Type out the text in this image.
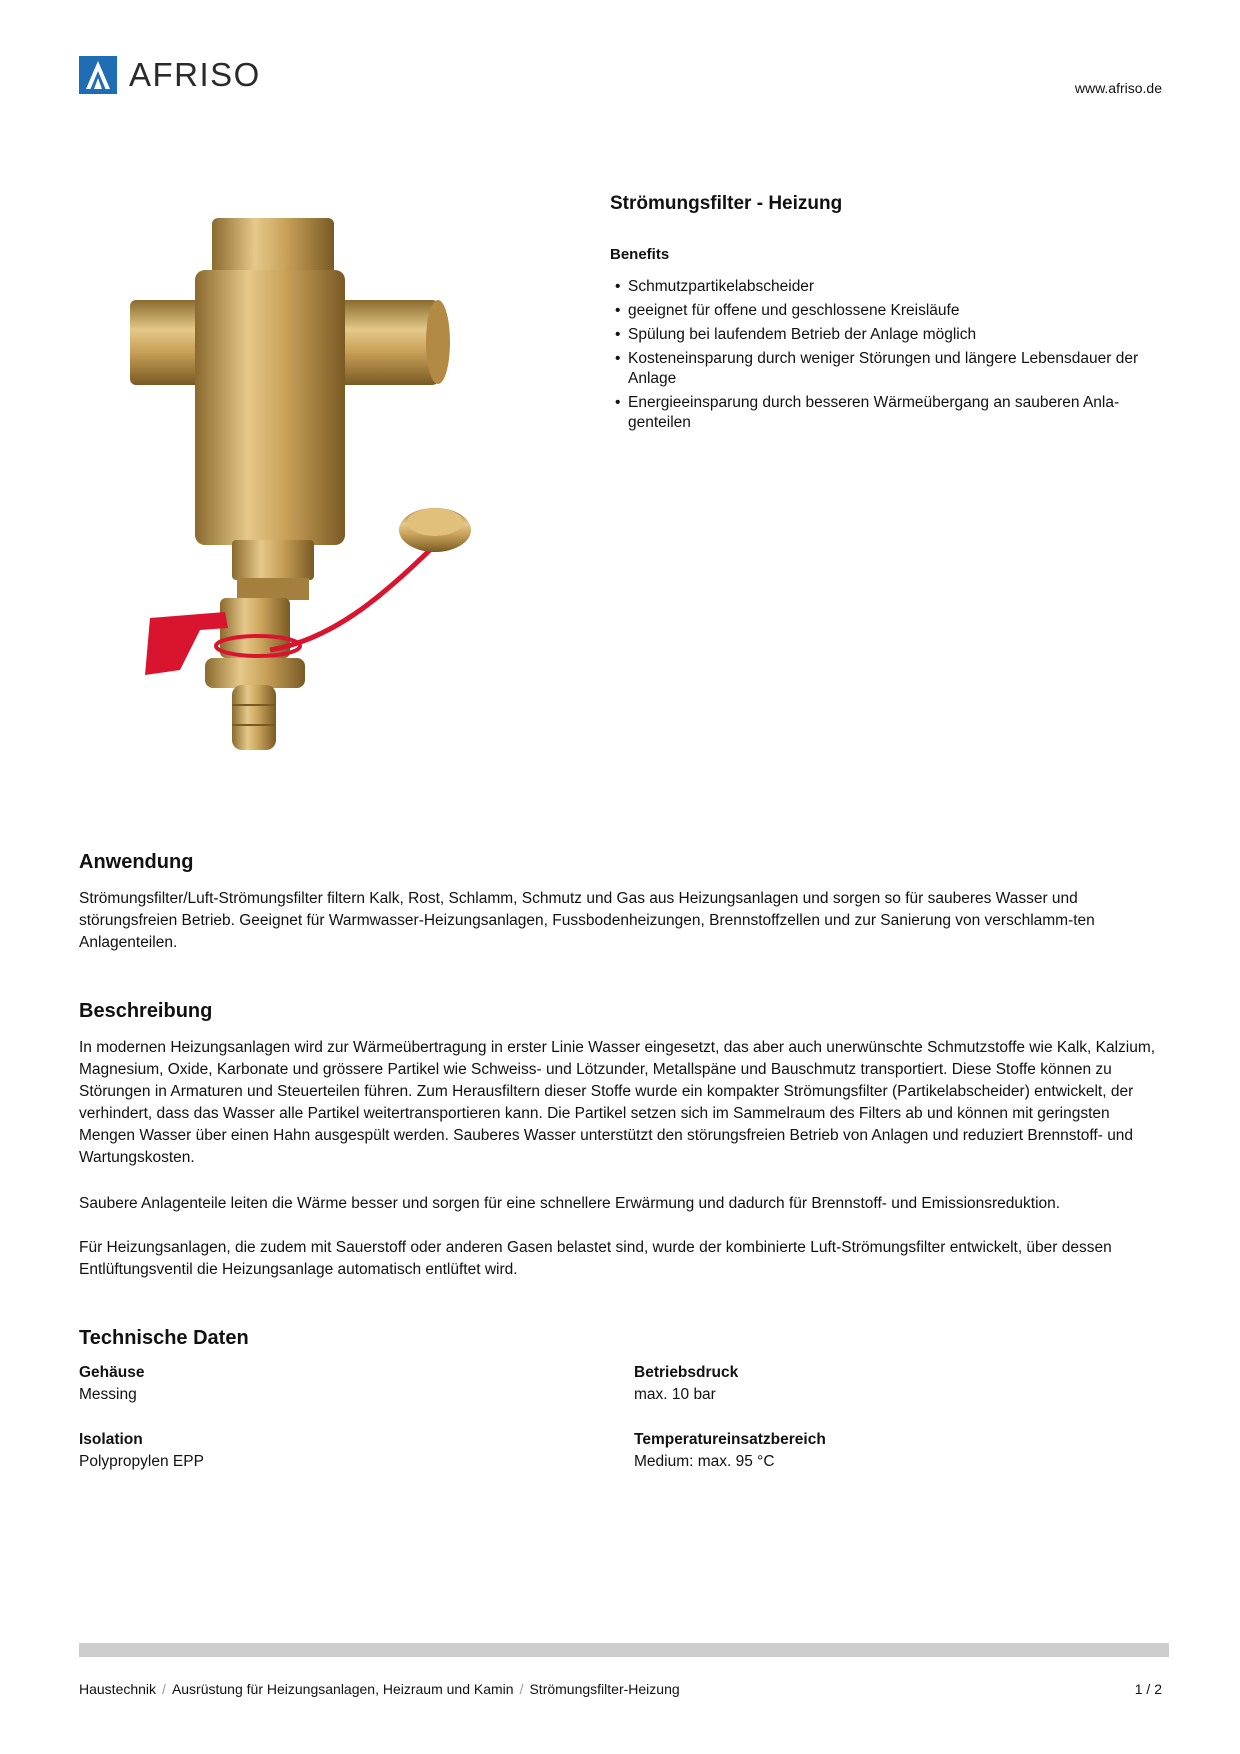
AFRISO	www.afriso.de
Strömungsfilter - Heizung
Benefits
• Schmutzpartikelabscheider
• geeignet für offene und geschlossene Kreisläufe
• Spülung bei laufendem Betrieb der Anlage möglich
• Kosteneinsparung durch weniger Störungen und längere Lebensdauer der Anlage
• Energieeinsparung durch besseren Wärmeübergang an sauberen Anla-genteilen
Anwendung

Strömungsfilter/Luft-Strömungsfilter filtern Kalk, Rost, Schlamm, Schmutz und Gas aus Heizungsanlagen und sorgen so für sauberes Wasser und störungsfreien Betrieb. Geeignet für Warmwasser-Heizungsanlagen, Fussbodenheizungen, Brennstoffzellen und zur Sanierung von verschlamm-ten Anlagenteilen.

Beschreibung

In modernen Heizungsanlagen wird zur Wärmeübertragung in erster Linie Wasser eingesetzt, das aber auch unerwünschte Schmutzstoffe wie Kalk, Kalzium, Magnesium, Oxide, Karbonate und grössere Partikel wie Schweiss- und Lötzunder, Metallspäne und Bauschmutz transportiert. Diese Stoffe können zu Störungen in Armaturen und Steuerteilen führen. Zum Herausfiltern dieser Stoffe wurde ein kompakter Strömungsfilter (Partikelabscheider) entwickelt, der verhindert, dass das Wasser alle Partikel weitertransportieren kann. Die Partikel setzen sich im Sammelraum des Filters ab und können mit geringsten Mengen Wasser über einen Hahn ausgespült werden. Sauberes Wasser unterstützt den störungsfreien Betrieb von Anlagen und reduziert Brennstoff- und Wartungskosten.

Saubere Anlagenteile leiten die Wärme besser und sorgen für eine schnellere Erwärmung und dadurch für Brennstoff- und Emissionsreduktion.

Für Heizungsanlagen, die zudem mit Sauerstoff oder anderen Gasen belastet sind, wurde der kombinierte Luft-Strömungsfilter entwickelt, über dessen Entlüftungsventil die Heizungsanlage automatisch entlüftet wird.

Technische Daten
Gehäuse
Messing
Betriebsdruck
max. 10 bar
Isolation
Polypropylen EPP
Temperatureinsatzbereich
Medium: max. 95 °C
Haustechnik / Ausrüstung für Heizungsanlagen, Heizraum und Kamin / Strömungsfilter-Heizung	1 / 2
